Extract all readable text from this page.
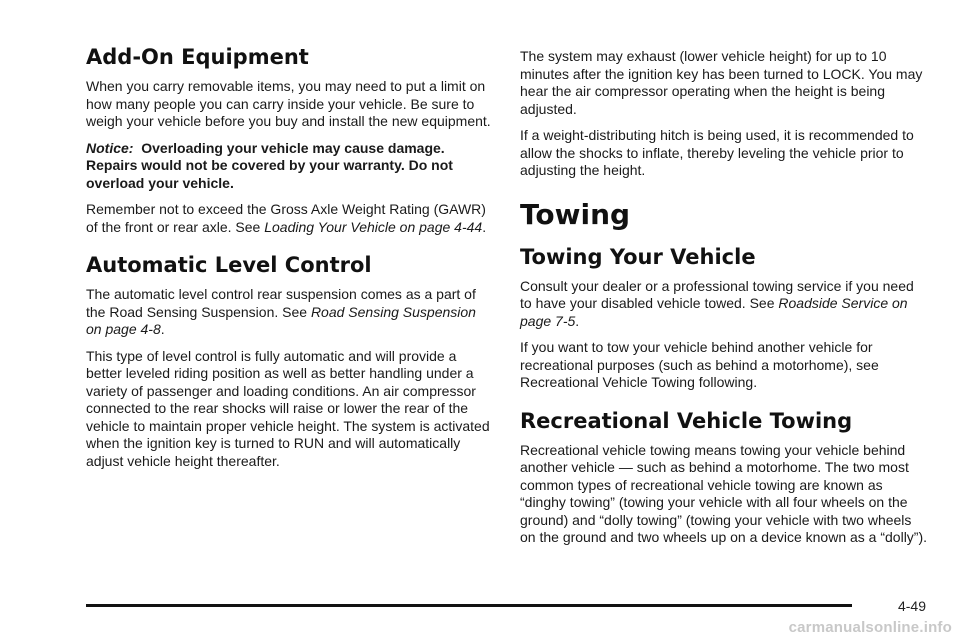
Add-On Equipment

When you carry removable items, you may need to put a limit on how many people you can carry inside your vehicle. Be sure to weigh your vehicle before you buy and install the new equipment.

Notice: Overloading your vehicle may cause damage. Repairs would not be covered by your warranty. Do not overload your vehicle.

Remember not to exceed the Gross Axle Weight Rating (GAWR) of the front or rear axle. See Loading Your Vehicle on page 4-44.

Automatic Level Control

The automatic level control rear suspension comes as a part of the Road Sensing Suspension. See Road Sensing Suspension on page 4-8.

This type of level control is fully automatic and will provide a better leveled riding position as well as better handling under a variety of passenger and loading conditions. An air compressor connected to the rear shocks will raise or lower the rear of the vehicle to maintain proper vehicle height. The system is activated when the ignition key is turned to RUN and will automatically adjust vehicle height thereafter.

The system may exhaust (lower vehicle height) for up to 10 minutes after the ignition key has been turned to LOCK. You may hear the air compressor operating when the height is being adjusted.

If a weight-distributing hitch is being used, it is recommended to allow the shocks to inflate, thereby leveling the vehicle prior to adjusting the height.

Towing
Towing Your Vehicle

Consult your dealer or a professional towing service if you need to have your disabled vehicle towed. See Roadside Service on page 7-5.

If you want to tow your vehicle behind another vehicle for recreational purposes (such as behind a motorhome), see Recreational Vehicle Towing following.

Recreational Vehicle Towing

Recreational vehicle towing means towing your vehicle behind another vehicle — such as behind a motorhome. The two most common types of recreational vehicle towing are known as “dinghy towing” (towing your vehicle with all four wheels on the ground) and “dolly towing” (towing your vehicle with two wheels on the ground and two wheels up on a device known as a “dolly”).

4-49
carmanualsonline.info
